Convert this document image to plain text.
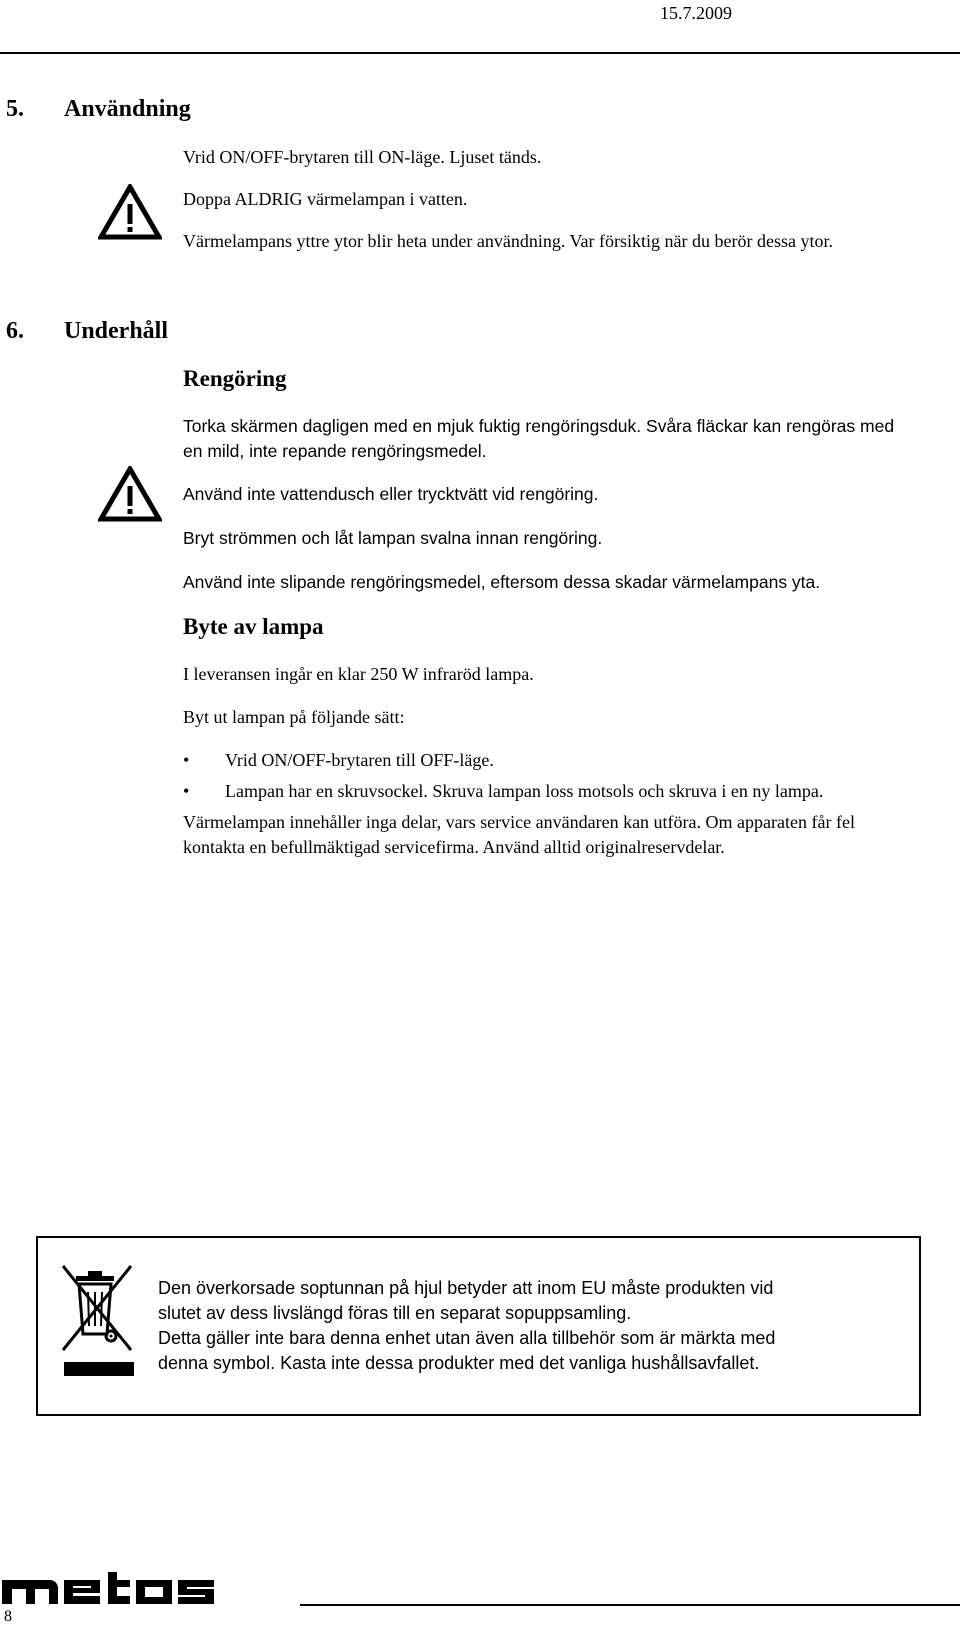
15.7.2009
5. Användning
Vrid ON/OFF-brytaren till ON-läge. Ljuset tänds.
Doppa ALDRIG värmelampan i vatten.
Värmelampans yttre ytor blir heta under användning. Var försiktig när du berör dessa ytor.
6. Underhåll
Rengöring
Torka skärmen dagligen med en mjuk fuktig rengöringsduk. Svåra fläckar kan rengöras med
en mild, inte repande rengöringsmedel.
Använd inte vattendusch eller trycktvätt vid rengöring.
Bryt strömmen och låt lampan svalna innan rengöring.
Använd inte slipande rengöringsmedel, eftersom dessa skadar värmelampans yta.
Byte av lampa
I leveransen ingår en klar 250 W infraröd lampa.
Byt ut lampan på följande sätt:
• Vrid ON/OFF-brytaren till OFF-läge.
• Lampan har en skruvsockel. Skruva lampan loss motsols och skruva i en ny lampa.
Värmelampan innehåller inga delar, vars service användaren kan utföra. Om apparaten får fel
kontakta en befullmäktigad servicefirma. Använd alltid originalreservdelar.
Den överkorsade soptunnan på hjul betyder att inom EU måste produkten vid
slutet av dess livslängd föras till en separat sopuppsamling.
Detta gäller inte bara denna enhet utan även alla tillbehör som är märkta med
denna symbol. Kasta inte dessa produkter med det vanliga hushållsavfallet.
metos
8
